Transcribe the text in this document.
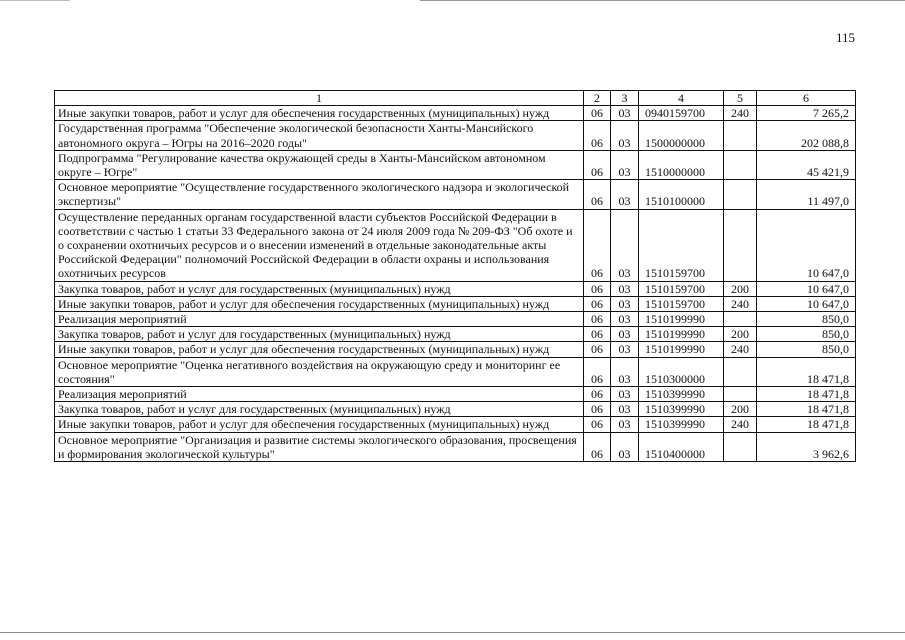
115
1	2	3	4	5	6
Иные закупки товаров, работ и услуг для обеспечения государственных (муниципальных) нужд	06	03	0940159700	240	7 265,2
Государственная программа "Обеспечение экологической безопасности Ханты-Мансийского автономного округа – Югры на 2016–2020 годы"	06	03	1500000000		202 088,8
Подпрограмма "Регулирование качества окружающей среды в Ханты-Мансийском автономном округе – Югре"	06	03	1510000000		45 421,9
Основное мероприятие "Осуществление государственного экологического надзора и экологической экспертизы"	06	03	1510100000		11 497,0
Осуществление переданных органам государственной власти субъектов Российской Федерации в соответствии с частью 1 статьи 33 Федерального закона от 24 июля 2009 года № 209-ФЗ "Об охоте и о сохранении охотничьих ресурсов и о внесении изменений в отдельные законодательные акты Российской Федерации" полномочий Российской Федерации в области охраны и использования охотничьих ресурсов	06	03	1510159700		10 647,0
Закупка товаров, работ и услуг для государственных (муниципальных) нужд	06	03	1510159700	200	10 647,0
Иные закупки товаров, работ и услуг для обеспечения государственных (муниципальных) нужд	06	03	1510159700	240	10 647,0
Реализация мероприятий	06	03	1510199990		850,0
Закупка товаров, работ и услуг для государственных (муниципальных) нужд	06	03	1510199990	200	850,0
Иные закупки товаров, работ и услуг для обеспечения государственных (муниципальных) нужд	06	03	1510199990	240	850,0
Основное мероприятие "Оценка негативного воздействия на окружающую среду и мониторинг ее состояния"	06	03	1510300000		18 471,8
Реализация мероприятий	06	03	1510399990		18 471,8
Закупка товаров, работ и услуг для государственных (муниципальных) нужд	06	03	1510399990	200	18 471,8
Иные закупки товаров, работ и услуг для обеспечения государственных (муниципальных) нужд	06	03	1510399990	240	18 471,8
Основное мероприятие "Организация и развитие системы экологического образования, просвещения и формирования экологической культуры"	06	03	1510400000		3 962,6
